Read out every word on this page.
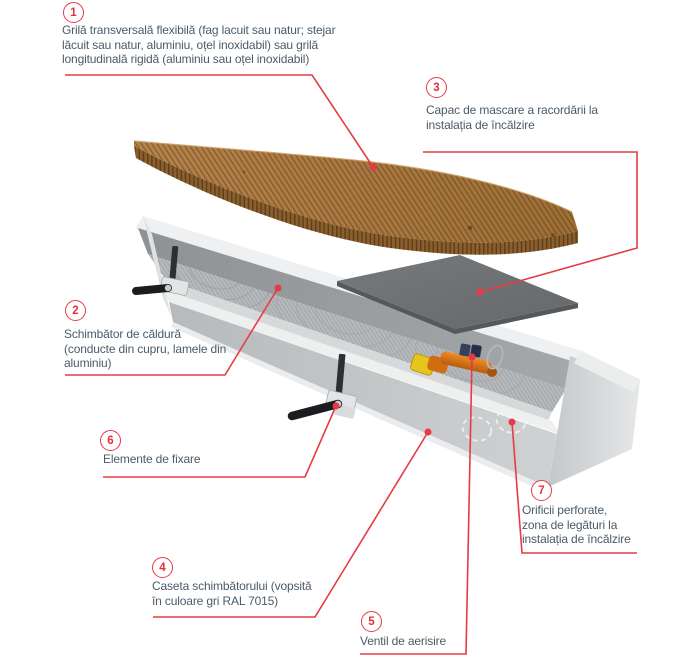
1
2
3
4
5
6
7
Grilă transversală flexibilă (fag lacuit sau natur; stejar
lăcuit sau natur, aluminiu, oțel inoxidabil) sau grilă
longitudinală rigidă (aluminiu sau oțel inoxidabil)
Schimbător de căldură
(conducte din cupru, lamele din
aluminiu)
Capac de mascare a racordării la
instalația de încălzire
Caseta schimbătorului (vopsită
în culoare gri RAL 7015)
Ventil de aerisire
Elemente de fixare
Orificii perforate,
zona de legături la
instalația de încălzire
